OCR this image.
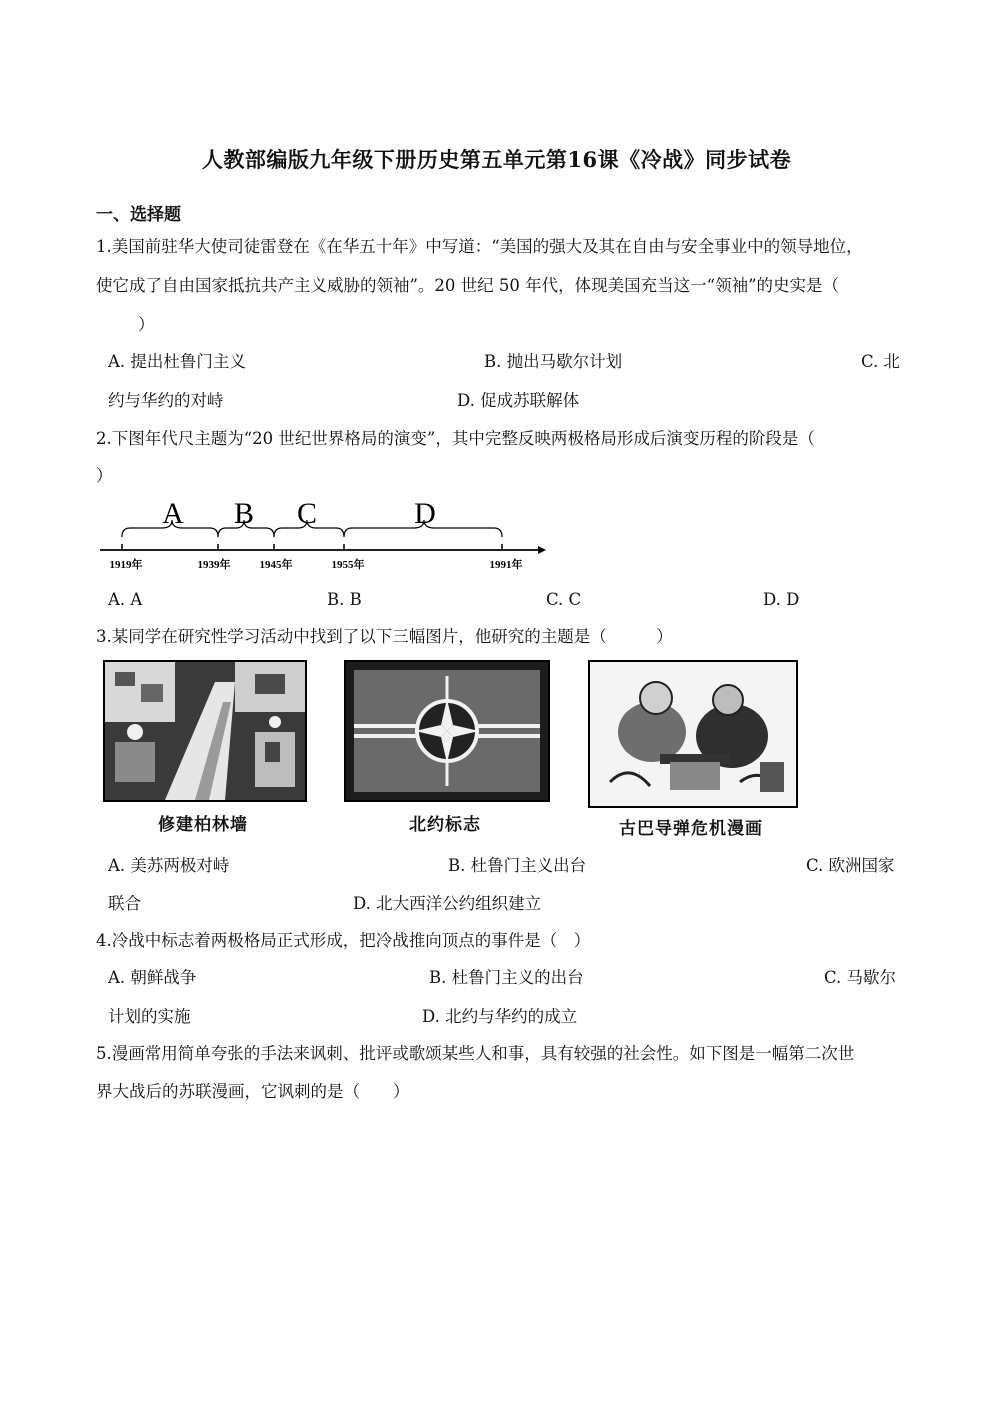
人教部编版九年级下册历史第五单元第16课《冷战》同步试卷
一、选择题
1.美国前驻华大使司徒雷登在《在华五十年》中写道：“美国的强大及其在自由与安全事业中的领导地位，
使它成了自由国家抵抗共产主义威胁的领袖”。20 世纪 50 年代，体现美国充当这一“领袖”的史实是（
）
A. 提出杜鲁门主义	B. 抛出马歇尔计划	C. 北
约与华约的对峙	D. 促成苏联解体
2.下图年代尺主题为“20 世纪世界格局的演变”，其中完整反映两极格局形成后演变历程的阶段是（
）
A B C	D
1919年	1939年	1945年	1955年	1991年
A. A	B. B	C. C	D. D
3.某同学在研究性学习活动中找到了以下三幅图片，他研究的主题是（　　　）
修建柏林墙	北约标志	古巴导弹危机漫画
A. 美苏两极对峙	B. 杜鲁门主义出台	C. 欧洲国家
联合	D. 北大西洋公约组织建立
4.冷战中标志着两极格局正式形成，把冷战推向顶点的事件是（　）
A. 朝鲜战争	B. 杜鲁门主义的出台	C. 马歇尔
计划的实施	D. 北约与华约的成立
5.漫画常用简单夸张的手法来讽刺、批评或歌颂某些人和事，具有较强的社会性。如下图是一幅第二次世
界大战后的苏联漫画，它讽刺的是（　　）
